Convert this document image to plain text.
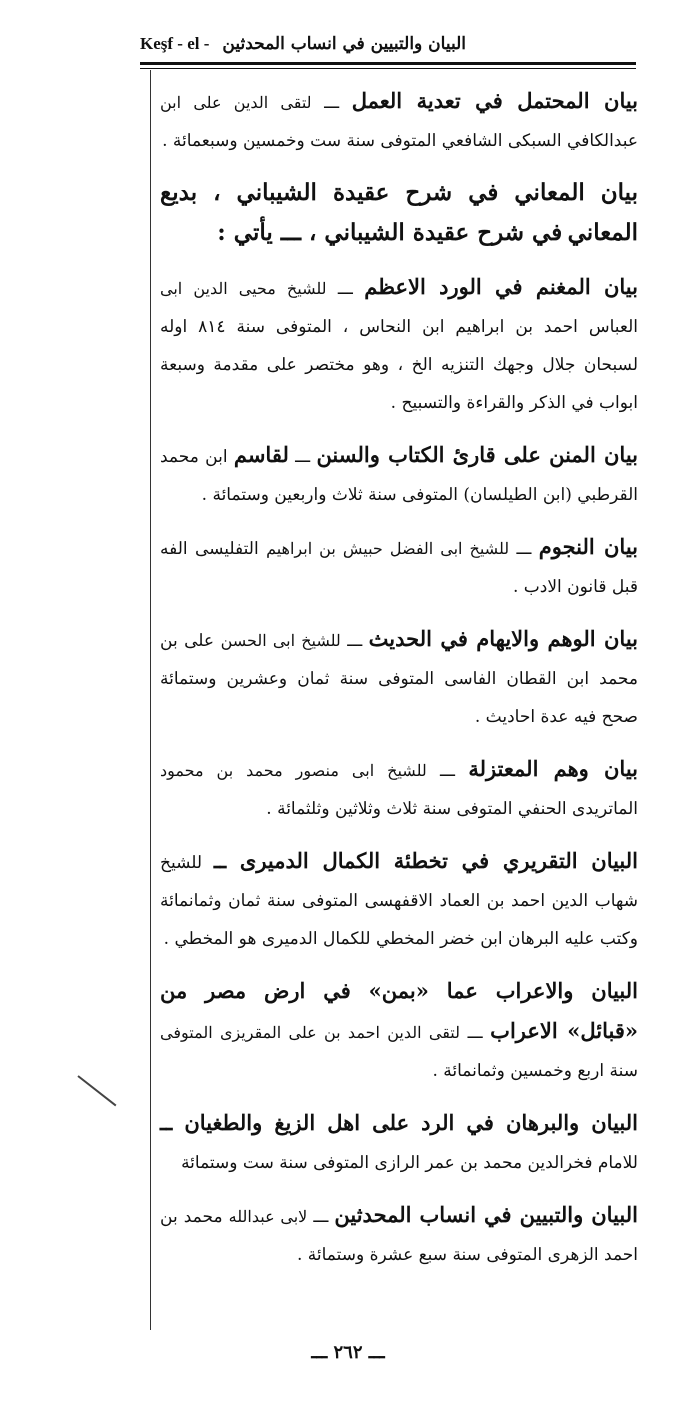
البيان والتبيين في انساب المحدثين
Keşf - el -

بيان المحتمل في تعدية العمل ـــ لتقى الدين على ابن عبدالكافي السبكى الشافعي المتوفى سنة ست وخمسين وسبعمائة .

بيان المعاني في شرح عقيدة الشيباني ، بديع المعاني في شرح عقيدة الشيباني ، ـــ يأتي :

بيان المغنم في الورد الاعظم ـــ للشيخ محيى الدين ابى العباس احمد بن ابراهيم ابن النحاس ، المتوفى سنة ٨١٤ اوله لسبحان جلال وجهك التنزيه الخ ، وهو مختصر على مقدمة وسبعة ابواب في الذكر والقراءة والتسبيح .

بيان المنن على قارئ الكتاب والسنن ـــ لقاسم ابن محمد القرطبي (ابن الطيلسان) المتوفى سنة ثلاث واربعين وستمائة .

بيان النجوم ـــ للشيخ ابى الفضل حبيش بن ابراهيم التفليسى الفه قبل قانون الادب .

بيان الوهم والايهام في الحديث ـــ للشيخ ابى الحسن على بن محمد ابن القطان الفاسى المتوفى سنة ثمان وعشرين وستمائة صحح فيه عدة احاديث .

بيان وهم المعتزلة ـــ للشيخ ابى منصور محمد بن محمود الماتريدى الحنفي المتوفى سنة ثلاث وثلاثين وثلثمائة .

البيان التقريري في تخطئة الكمال الدميرى ــ للشيخ شهاب الدين احمد بن العماد الاقفهسى المتوفى سنة ثمان وثمانمائة وكتب عليه البرهان ابن خضر المخطي للكمال الدميرى هو المخطي .

البيان والاعراب عما «بمن» في ارض مصر من «قبائل» الاعراب ـــ لتقى الدين احمد بن على المقريزى المتوفى سنة اربع وخمسين وثمانمائة .

البيان والبرهان في الرد على اهل الزيغ والطغيان ــ للامام فخرالدين محمد بن عمر الرازى المتوفى سنة ست وستمائة

البيان والتبيين في انساب المحدثين ـــ لابى عبدالله محمد بن احمد الزهرى المتوفى سنة سبع عشرة وستمائة .

ـــ ٢٦٢ ـــ
